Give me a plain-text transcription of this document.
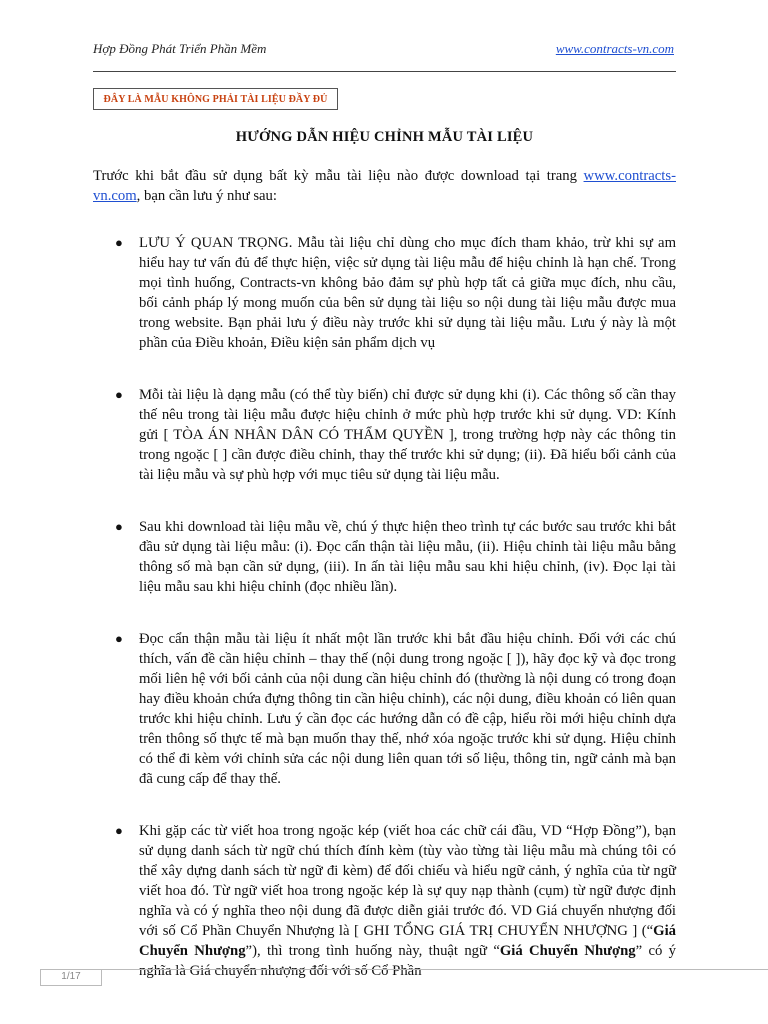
Hợp Đồng Phát Triển Phần Mềm	www.contracts-vn.com
ĐÂY LÀ MẪU KHÔNG PHẢI TÀI LIỆU ĐẦY ĐỦ
HƯỚNG DẪN HIỆU CHỈNH MẪU TÀI LIỆU

Trước khi bắt đầu sử dụng bất kỳ mẫu tài liệu nào được download tại trang www.contracts-vn.com, bạn cần lưu ý như sau:

● LƯU Ý QUAN TRỌNG. Mẫu tài liệu chỉ dùng cho mục đích tham khảo, trừ khi sự am hiểu hay tư vấn đủ để thực hiện, việc sử dụng tài liệu mẫu để hiệu chỉnh là hạn chế. Trong mọi tình huống, Contracts-vn không bảo đảm sự phù hợp tất cả giữa mục đích, nhu cầu, bối cảnh pháp lý mong muốn của bên sử dụng tài liệu so nội dung tài liệu mẫu được mua trong website. Bạn phải lưu ý điều này trước khi sử dụng tài liệu mẫu. Lưu ý này là một phần của Điều khoản, Điều kiện sản phẩm dịch vụ
● Mỗi tài liệu là dạng mẫu (có thể tùy biến) chỉ được sử dụng khi (i). Các thông số cần thay thế nêu trong tài liệu mẫu được hiệu chỉnh ở mức phù hợp trước khi sử dụng. VD: Kính gửi [ TÒA ÁN NHÂN DÂN CÓ THẨM QUYỀN ], trong trường hợp này các thông tin trong ngoặc [ ] cần được điều chỉnh, thay thế trước khi sử dụng; (ii). Đã hiểu bối cảnh của tài liệu mẫu và sự phù hợp với mục tiêu sử dụng tài liệu mẫu.
● Sau khi download tài liệu mẫu về, chú ý thực hiện theo trình tự các bước sau trước khi bắt đầu sử dụng tài liệu mẫu: (i). Đọc cẩn thận tài liệu mẫu, (ii). Hiệu chỉnh tài liệu mẫu bằng thông số mà bạn cần sử dụng, (iii). In ấn tài liệu mẫu sau khi hiệu chỉnh, (iv). Đọc lại tài liệu mẫu sau khi hiệu chỉnh (đọc nhiều lần).
● Đọc cẩn thận mẫu tài liệu ít nhất một lần trước khi bắt đầu hiệu chỉnh. Đối với các chú thích, vấn đề cần hiệu chỉnh – thay thế (nội dung trong ngoặc [ ]), hãy đọc kỹ và đọc trong mối liên hệ với bối cảnh của nội dung cần hiệu chỉnh đó (thường là nội dung có trong đoạn hay điều khoản chứa đựng thông tin cần hiệu chỉnh), các nội dung, điều khoản có liên quan trước khi hiệu chỉnh. Lưu ý cần đọc các hướng dẫn có đề cập, hiểu rồi mới hiệu chỉnh dựa trên thông số thực tế mà bạn muốn thay thế, nhớ xóa ngoặc trước khi sử dụng. Hiệu chỉnh có thể đi kèm với chỉnh sửa các nội dung liên quan tới số liệu, thông tin, ngữ cảnh mà bạn đã cung cấp để thay thế.
● Khi gặp các từ viết hoa trong ngoặc kép (viết hoa các chữ cái đầu, VD “Hợp Đồng”), bạn sử dụng danh sách từ ngữ chú thích đính kèm (tùy vào từng tài liệu mẫu mà chúng tôi có thể xây dựng danh sách từ ngữ đi kèm) để đối chiếu và hiểu ngữ cảnh, ý nghĩa của từ ngữ viết hoa đó. Từ ngữ viết hoa trong ngoặc kép là sự quy nạp thành (cụm) từ ngữ được định nghĩa và có ý nghĩa theo nội dung đã được diễn giải trước đó. VD Giá chuyển nhượng đối với số Cổ Phần Chuyển Nhượng là [ GHI TỔNG GIÁ TRỊ CHUYỂN NHƯỢNG ] (“Giá Chuyển Nhượng”), thì trong tình huống này, thuật ngữ “Giá Chuyển Nhượng” có ý nghĩa là Giá chuyển nhượng đối với số Cổ Phần
1/17
